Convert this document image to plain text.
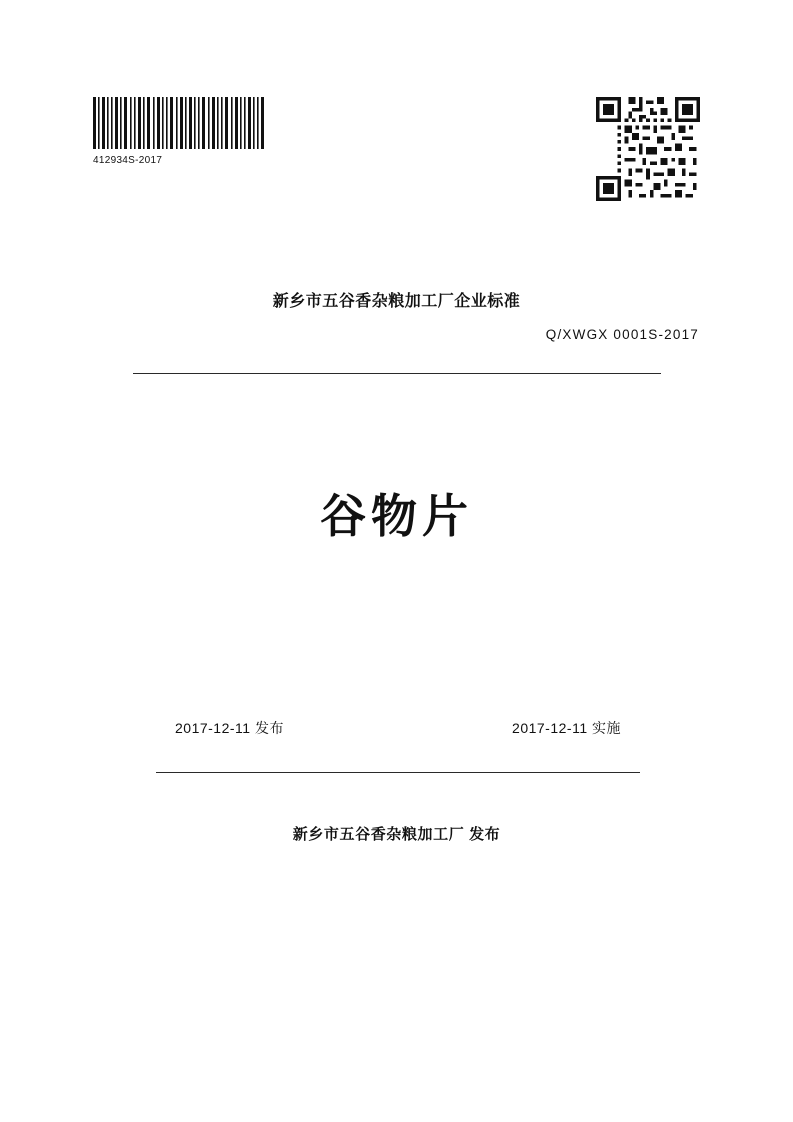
412934S-2017
新乡市五谷香杂粮加工厂企业标准
Q/XWGX 0001S-2017
谷物片
2017-12-11 发布	2017-12-11 实施
新乡市五谷香杂粮加工厂 发布
